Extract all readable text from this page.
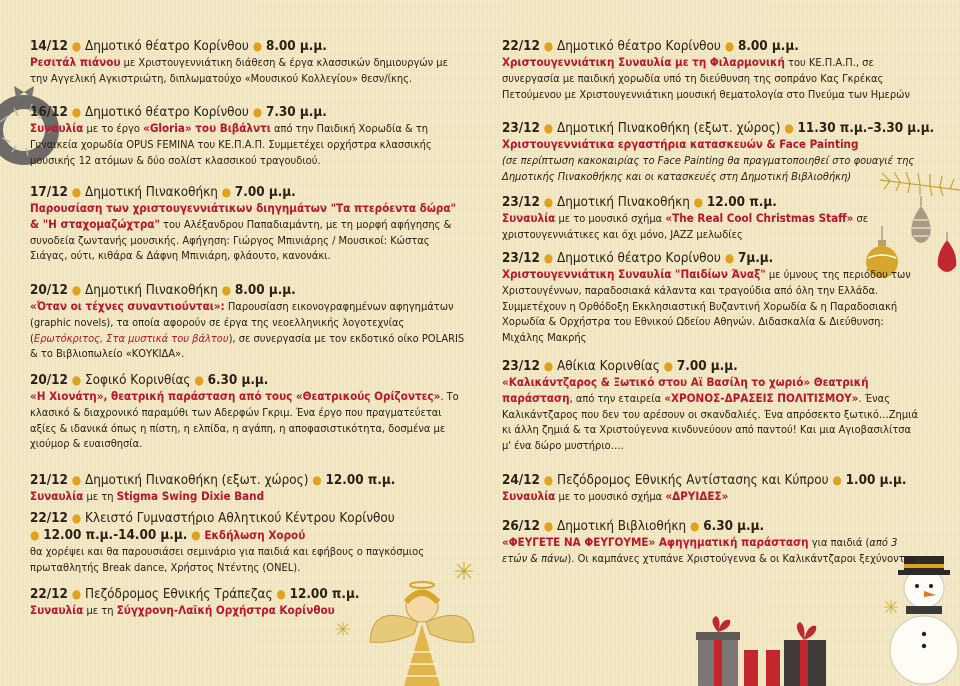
14/12 ● Δημοτικό θέατρο Κορίνθου ● 8.00 μ.μ.

Ρεσιτάλ πιάνου με Χριστουγεννιάτικη διάθεση & έργα κλασσικών δημιουργών με την Αγγελική Αγκιστριώτη, διπλωματούχο «Μουσικού Κολλεγίου» θεσν/ίκης.

16/12 ● Δημοτικό θέατρο Κορίνθου ● 7.30 μ.μ.

Συναυλία με το έργο «Gloria» του Βιβάλντι από την Παιδική Χορωδία & τη Γυναικεία χορωδία OPUS FEMINA του ΚΕ.Π.Α.Π. Συμμετέχει ορχήστρα κλασσικής μουσικής 12 ατόμων & δύο σολίστ κλασσικού τραγουδιού.

17/12 ● Δημοτική Πινακοθήκη ● 7.00 μ.μ.

Παρουσίαση των χριστουγεννιάτικων διηγημάτων "Τα πτερόεντα δώρα" & "Η σταχομαζώχτρα" του Αλέξανδρου Παπαδιαμάντη, με τη μορφή αφήγησης & συνοδεία ζωντανής μουσικής. Αφήγηση: Γιώργος Μπινιάρης / Μουσικοί: Κώστας Σιάγας, ούτι, κιθάρα & Δάφνη Μπινιάρη, φλάουτο, κανονάκι.

20/12 ● Δημοτική Πινακοθήκη ● 8.00 μ.μ.

«Όταν οι τέχνες συναντιούνται»: Παρουσίαση εικονογραφημένων αφηγημάτων (graphic novels), τα οποία αφορούν σε έργα της νεοελληνικής λογοτεχνίας (Ερωτόκριτος, Στα μυστικά του βάλτου), σε συνεργασία με τον εκδοτικό οίκο POLARIS & το Βιβλιοπωλείο «ΚΟΥΚΙΔΑ».

20/12 ● Σοφικό Κορινθίας ● 6.30 μ.μ.

«Η Χιονάτη», θεατρική παράσταση από τους «Θεατρικούς Ορίζοντες». Το κλασικό & διαχρονικό παραμύθι των Αδερφών Γκριμ. Ένα έργο που πραγματεύεται αξίες & ιδανικά όπως η πίστη, η ελπίδα, η αγάπη, η αποφασιστικότητα, δοσμένα με χιούμορ & ευαισθησία.

21/12 ● Δημοτική Πινακοθήκη (εξωτ. χώρος) ● 12.00 π.μ.

Συναυλία με τη Stigma Swing Dixie Band

22/12 ● Κλειστό Γυμναστήριο Αθλητικού Κέντρου Κορίνθου
● 12.00 π.μ.-14.00 μ.μ. ● Εκδήλωση Χορού

θα χορέψει και θα παρουσιάσει σεμινάριο για παιδιά και εφήβους ο παγκόσμιος πρωταθλητής Break dance, Χρήστος Ντέντης (ONEL).

22/12 ● Πεζόδρομος Εθνικής Τράπεζας ● 12.00 π.μ.

Συναυλία με τη Σύγχρονη-Λαϊκή Ορχήστρα Κορίνθου

22/12 ● Δημοτικό θέατρο Κορίνθου ● 8.00 μ.μ.

Χριστουγεννιάτικη Συναυλία με τη Φιλαρμονική του ΚΕ.Π.Α.Π., σε συνεργασία με παιδική χορωδία υπό τη διεύθυνση της σοπράνο Κας Γκρέκας Πετούμενου με Χριστουγεννιάτικη μουσική θεματολογία στο Πνεύμα των Ημερών

23/12 ● Δημοτική Πινακοθήκη (εξωτ. χώρος) ● 11.30 π.μ.–3.30 μ.μ.

Χριστουγεννιάτικα εργαστήρια κατασκευών & Face Painting

(σε περίπτωση κακοκαιρίας το Face Painting θα πραγματοποιηθεί στο φουαγιέ της Δημοτικής Πινακοθήκης και οι κατασκευές στη Δημοτική Βιβλιοθήκη)

23/12 ● Δημοτική Πινακοθήκη ● 12.00 π.μ.

Συναυλία με το μουσικό σχήμα «The Real Cool Christmas Staff» σε χριστουγεννιάτικες και όχι μόνο, JAZZ μελωδίες

23/12 ● Δημοτικό θέατρο Κορίνθου ● 7μ.μ.

Χριστουγεννιάτικη Συναυλία "Παιδίων Άναξ" με ύμνους της περιόδου των Χριστουγέννων, παραδοσιακά κάλαντα και τραγούδια από όλη την Ελλάδα. Συμμετέχουν η Ορθόδοξη Εκκλησιαστική Βυζαντινή Χορωδία & η Παραδοσιακή Χορωδία & Ορχήστρα του Εθνικού Ωδείου Αθηνών. Διδασκαλία & Διεύθυνση: Μιχάλης Μακρής

23/12 ● Αθίκια Κορινθίας ● 7.00 μ.μ.

«Καλικάντζαρος & Ξωτικό στου Αϊ Βασίλη το χωριό» Θεατρική παράσταση, από την εταιρεία «ΧΡΟΝΟΣ-ΔΡΑΣΕΙΣ ΠΟΛΙΤΙΣΜΟΥ». Ένας Καλικάντζαρος που δεν του αρέσουν οι σκανδαλιές. Ένα απρόσεκτο ξωτικό…Ζημιά κι άλλη ζημιά & τα Χριστούγεννα κινδυνεύουν από παντού! Και μια Αγιοβασιλίτσα μ' ένα δώρο μυστήριο….

24/12 ● Πεζόδρομος Εθνικής Αντίστασης και Κύπρου ● 1.00 μ.μ.

Συναυλία με το μουσικό σχήμα «ΔΡΥΙΔΕΣ»

26/12 ● Δημοτική Βιβλιοθήκη ● 6.30 μ.μ.

«ΦΕΥΓΕΤΕ ΝΑ ΦΕΥΓΟΥΜΕ» Αφηγηματική παράσταση για παιδιά (από 3 ετών & πάνω). Οι καμπάνες χτυπάνε Χριστούγεννα & οι Καλικάντζαροι ξεχύνονται
